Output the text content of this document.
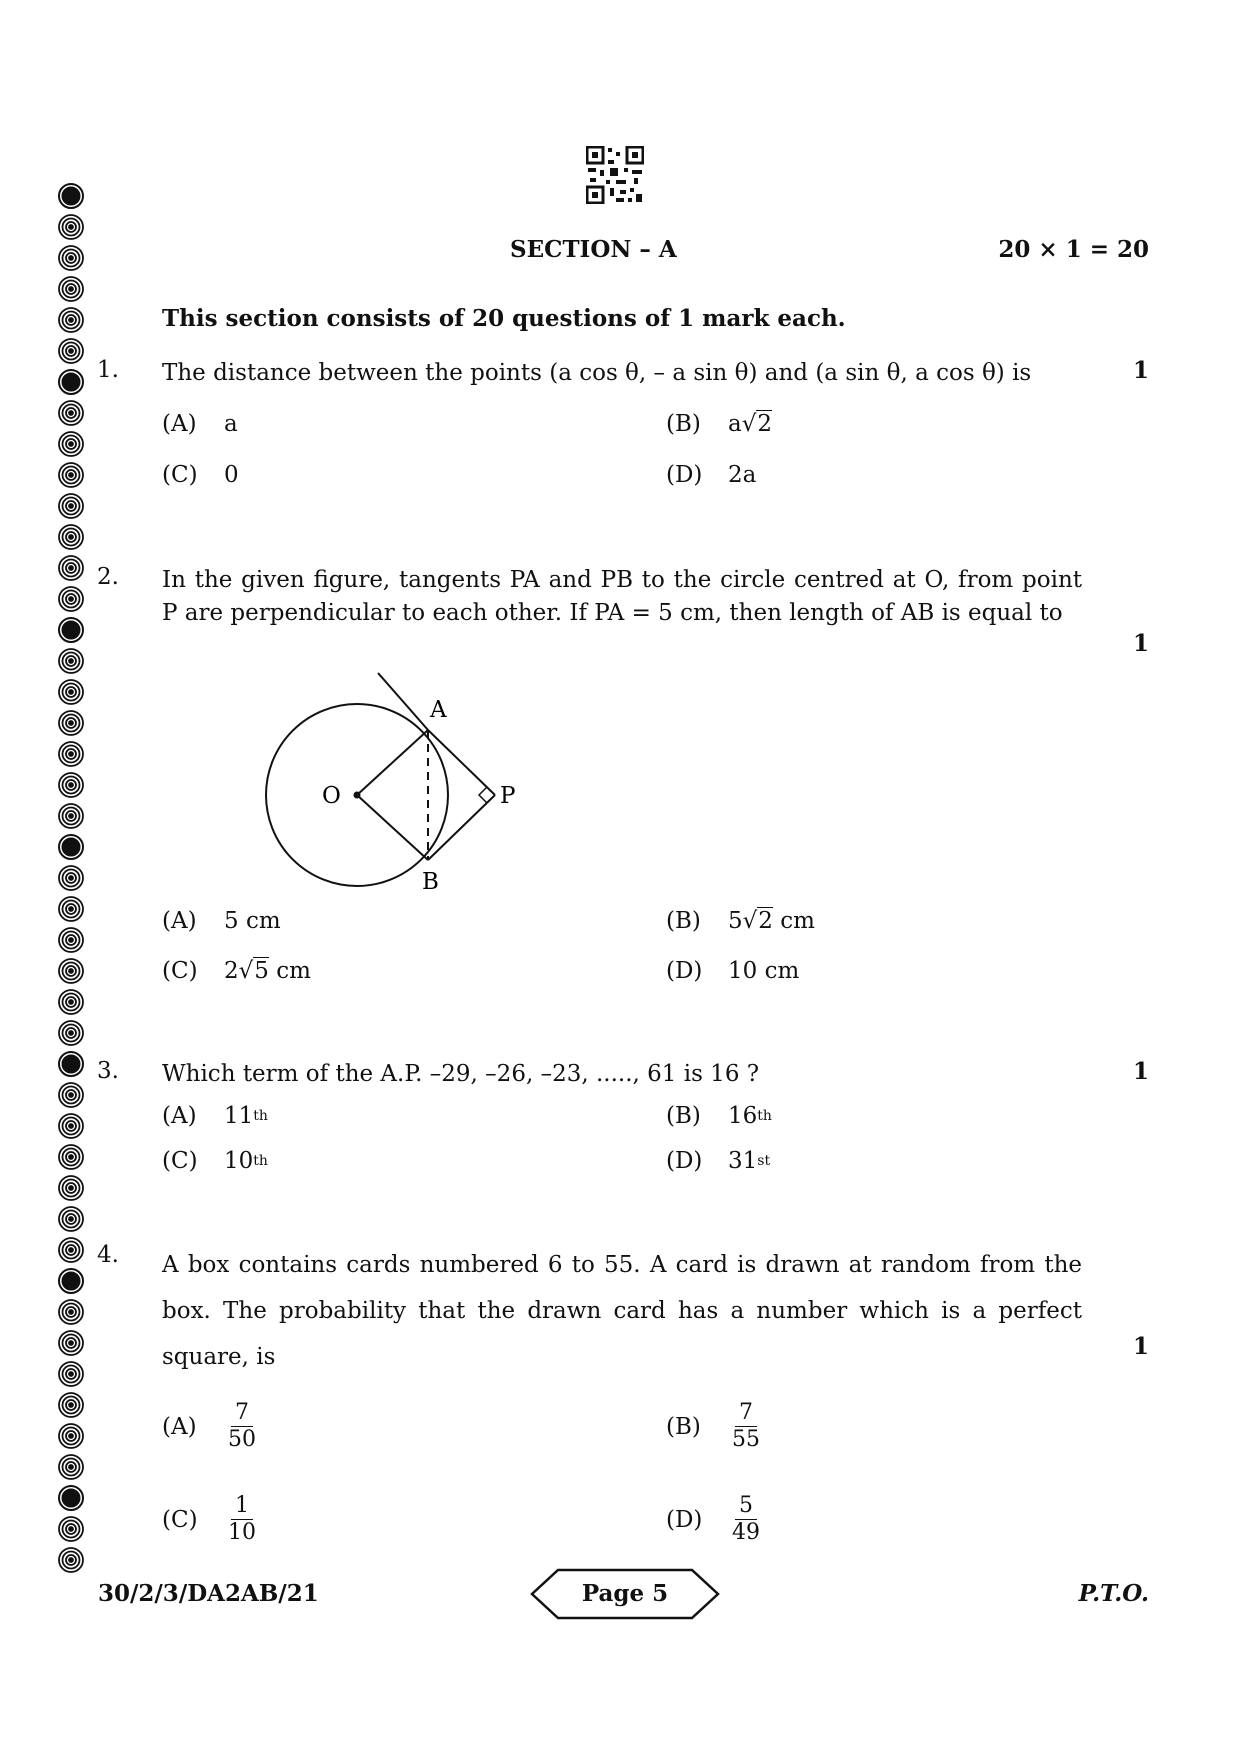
SECTION – A	20 × 1 = 20
This section consists of 20 questions of 1 mark each.
1. The distance between the points (a cos θ, – a sin θ) and (a sin θ, a cos θ) is	1
(A)	a	(B)	a √2
(C)	0	(D)	2a
2. In the given figure, tangents PA and PB to the circle centred at O, from point P are perpendicular to each other. If PA = 5 cm, then length of AB is equal to
1
A
O	P
B
(A)	5 cm	(B)	5 √2 cm
(C)	2 √5 cm	(D)	10 cm
3. Which term of the A.P. –29, –26, –23, ....., 61 is 16 ?	1
(A)	11 th	(B)	16 th
(C)	10 th	(D)	31 st
4. A box contains cards numbered 6 to 55. A card is drawn at random from the box. The probability that the drawn card has a number which is a perfect square, is	1
(A)	$\frac{7}{50}$	(B)	$\frac{7}{55}$
(C)	$\frac{1}{10}$	(D)	$\frac{5}{49}$
30/2/3/DA2AB/21	Page 5	P.T.O.
